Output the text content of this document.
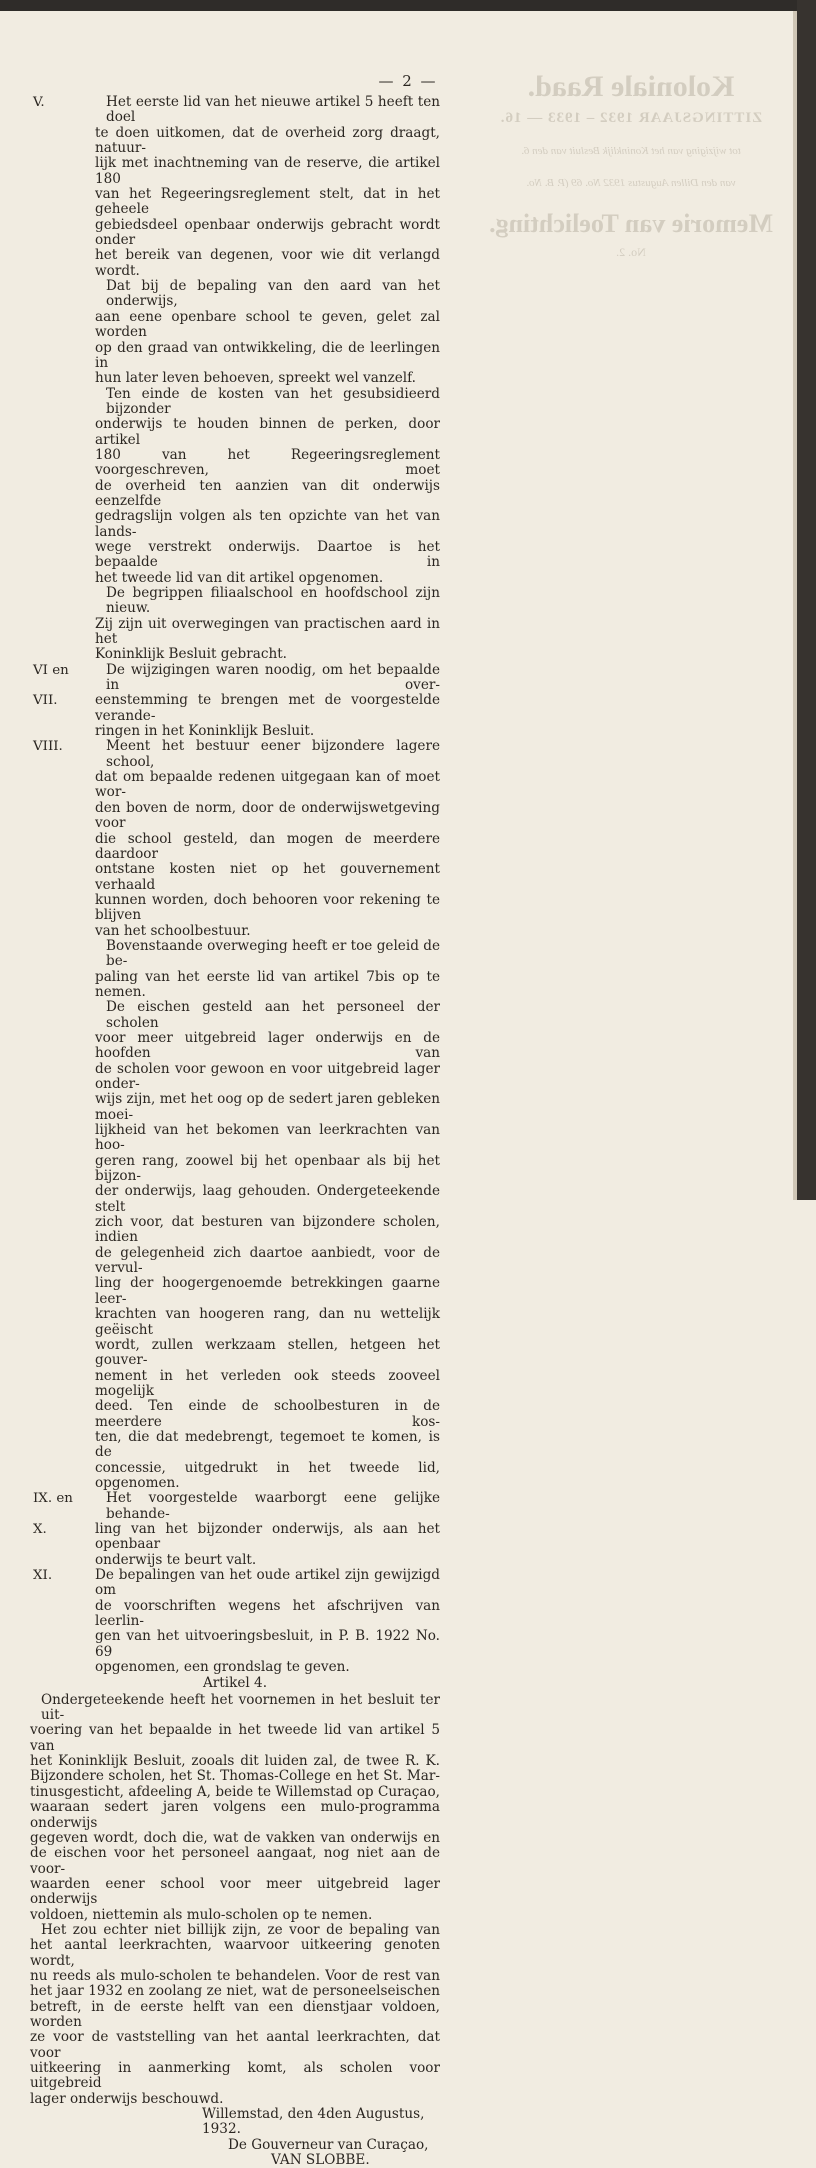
Koloniale Raad.
ZITTINGSJAAR 1932 – 1933 — 16.
tot wijziging van het Koninklijk Besluit van den 6.
van den Dillen Augustus 1932 No. 69 (P. B. No.
Memorie van Toelichting.
No. 2.
— 2 —
V.	Het eerste lid van het nieuwe artikel 5 heeft ten doel
te doen uitkomen, dat de overheid zorg draagt, natuur-
lijk met inachtneming van de reserve, die artikel 180
van het Regeeringsreglement stelt, dat in het geheele
gebiedsdeel openbaar onderwijs gebracht wordt onder
het bereik van degenen, voor wie dit verlangd wordt.
Dat bij de bepaling van den aard van het onderwijs,
aan eene openbare school te geven, gelet zal worden
op den graad van ontwikkeling, die de leerlingen in
hun later leven behoeven, spreekt wel vanzelf.
Ten einde de kosten van het gesubsidieerd bijzonder
onderwijs te houden binnen de perken, door artikel
180 van het Regeeringsreglement voorgeschreven, moet
de overheid ten aanzien van dit onderwijs eenzelfde
gedragslijn volgen als ten opzichte van het van lands-
wege verstrekt onderwijs. Daartoe is het bepaalde in
het tweede lid van dit artikel opgenomen.
De begrippen filiaalschool en hoofdschool zijn nieuw.
Zij zijn uit overwegingen van practischen aard in het
Koninklijk Besluit gebracht.
VI en	De wijzigingen waren noodig, om het bepaalde in over-
VII.	eenstemming te brengen met de voorgestelde verande-
ringen in het Koninklijk Besluit.
VIII.	Meent het bestuur eener bijzondere lagere school,
dat om bepaalde redenen uitgegaan kan of moet wor-
den boven de norm, door de onderwijswetgeving voor
die school gesteld, dan mogen de meerdere daardoor
ontstane kosten niet op het gouvernement verhaald
kunnen worden, doch behooren voor rekening te blijven
van het schoolbestuur.
Bovenstaande overweging heeft er toe geleid de be-
paling van het eerste lid van artikel 7bis op te nemen.
De eischen gesteld aan het personeel der scholen
voor meer uitgebreid lager onderwijs en de hoofden van
de scholen voor gewoon en voor uitgebreid lager onder-
wijs zijn, met het oog op de sedert jaren gebleken moei-
lijkheid van het bekomen van leerkrachten van hoo-
geren rang, zoowel bij het openbaar als bij het bijzon-
der onderwijs, laag gehouden. Ondergeteekende stelt
zich voor, dat besturen van bijzondere scholen, indien
de gelegenheid zich daartoe aanbiedt, voor de vervul-
ling der hoogergenoemde betrekkingen gaarne leer-
krachten van hoogeren rang, dan nu wettelijk geëischt
wordt, zullen werkzaam stellen, hetgeen het gouver-
nement in het verleden ook steeds zooveel mogelijk
deed. Ten einde de schoolbesturen in de meerdere kos-
ten, die dat medebrengt, tegemoet te komen, is de
concessie, uitgedrukt in het tweede lid, opgenomen.
IX. en	Het voorgestelde waarborgt eene gelijke behande-
X.	ling van het bijzonder onderwijs, als aan het openbaar
onderwijs te beurt valt.
XI.	De bepalingen van het oude artikel zijn gewijzigd om
de voorschriften wegens het afschrijven van leerlin-
gen van het uitvoeringsbesluit, in P. B. 1922 No. 69
opgenomen, een grondslag te geven.
Artikel 4.
Ondergeteekende heeft het voornemen in het besluit ter uit-
voering van het bepaalde in het tweede lid van artikel 5 van
het Koninklijk Besluit, zooals dit luiden zal, de twee R. K.
Bijzondere scholen, het St. Thomas-College en het St. Mar-
tinusgesticht, afdeeling A, beide te Willemstad op Curaçao,
waaraan sedert jaren volgens een mulo-programma onderwijs
gegeven wordt, doch die, wat de vakken van onderwijs en
de eischen voor het personeel aangaat, nog niet aan de voor-
waarden eener school voor meer uitgebreid lager onderwijs
voldoen, niettemin als mulo-scholen op te nemen.
Het zou echter niet billijk zijn, ze voor de bepaling van
het aantal leerkrachten, waarvoor uitkeering genoten wordt,
nu reeds als mulo-scholen te behandelen. Voor de rest van
het jaar 1932 en zoolang ze niet, wat de personeelseischen
betreft, in de eerste helft van een dienstjaar voldoen, worden
ze voor de vaststelling van het aantal leerkrachten, dat voor
uitkeering in aanmerking komt, als scholen voor uitgebreid
lager onderwijs beschouwd.
Willemstad, den 4den Augustus, 1932.
De Gouverneur van Curaçao,
VAN SLOBBE.
